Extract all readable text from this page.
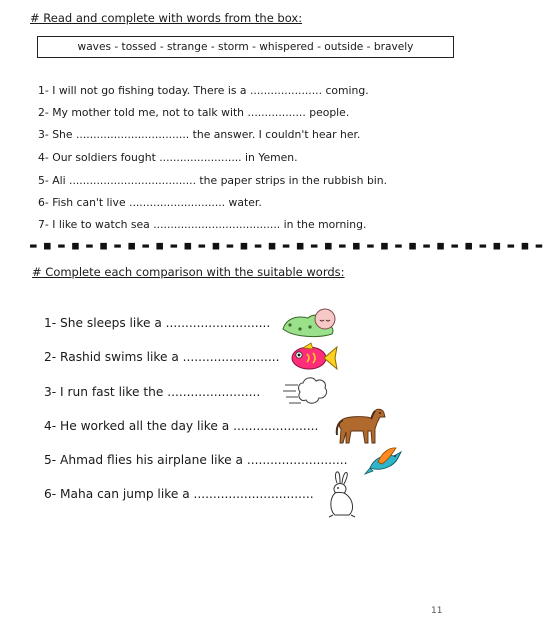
# Read and complete with words from the box:
waves - tossed - strange - storm - whispered - outside - bravely
1- I will not go fishing today. There is a ..................... coming.
2- My mother told me, not to talk with ................. people.
3- She ................................. the answer. I couldn't hear her.
4- Our soldiers fought ........................ in Yemen.
5- Ali ..................................... the paper strips in the rubbish bin.
6- Fish can't live ............................ water.
7- I like to watch sea ..................................... in the morning.
▬ ■ ▬ ■ ▬ ■ ▬ ■ ▬ ■ ▬ ■ ▬ ■ ▬ ■ ▬ ■ ▬ ■ ▬ ■ ▬ ■ ▬ ■ ▬ ■ ▬ ■ ▬ ■ ▬ ■ ▬ ■ ▬
# Complete each comparison with the suitable words:
1- She sleeps like a ...........................
2- Rashid swims like a .........................
3- I run fast like the ........................
4- He worked all the day like a ......................
5- Ahmad flies his airplane like a ..........................
6- Maha can jump like a ...............................
11
